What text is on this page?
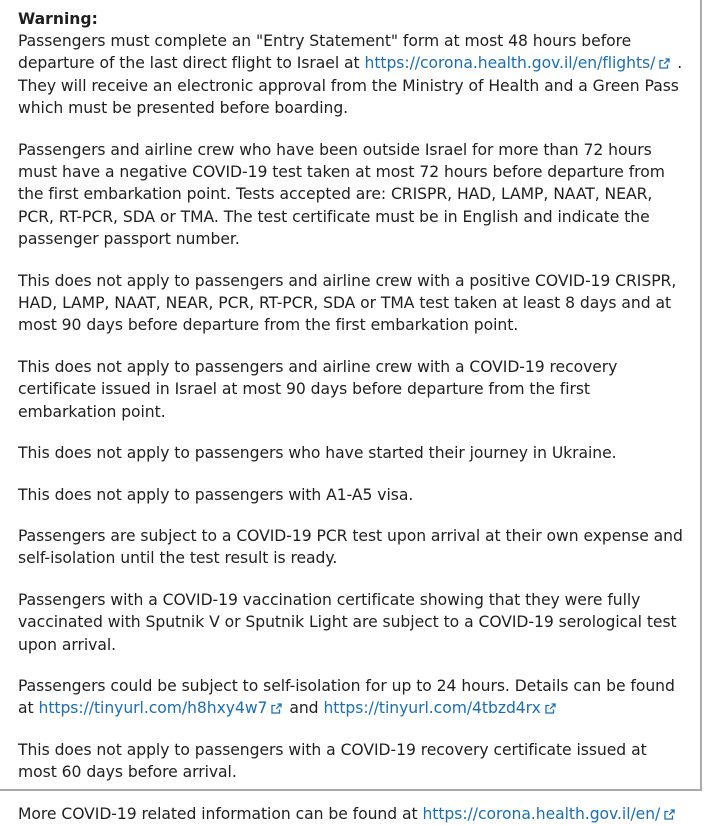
Warning:

Passengers must complete an "Entry Statement" form at most 48 hours before departure of the last direct flight to Israel at https://corona.health.gov.il/en/flights/
. They will receive an electronic approval from the Ministry of Health and a Green Pass which must be presented before boarding.

Passengers and airline crew who have been outside Israel for more than 72 hours must have a negative COVID-19 test taken at most 72 hours before departure from the first embarkation point. Tests accepted are: CRISPR, HAD, LAMP, NAAT, NEAR, PCR, RT-PCR, SDA or TMA. The test certificate must be in English and indicate the passenger passport number.

This does not apply to passengers and airline crew with a positive COVID-19 CRISPR, HAD, LAMP, NAAT, NEAR, PCR, RT-PCR, SDA or TMA test taken at least 8 days and at most 90 days before departure from the first embarkation point.

This does not apply to passengers and airline crew with a COVID-19 recovery certificate issued in Israel at most 90 days before departure from the first embarkation point.

This does not apply to passengers who have started their journey in Ukraine.

This does not apply to passengers with A1-A5 visa.

Passengers are subject to a COVID-19 PCR test upon arrival at their own expense and self-isolation until the test result is ready.

Passengers with a COVID-19 vaccination certificate showing that they were fully vaccinated with Sputnik V or Sputnik Light are subject to a COVID-19 serological test upon arrival.

Passengers could be subject to self-isolation for up to 24 hours. Details can be found at https://tinyurl.com/h8hxy4w7
and https://tinyurl.com/4tbzd4rx

This does not apply to passengers with a COVID-19 recovery certificate issued at most 60 days before arrival.

More COVID-19 related information can be found at https://corona.health.gov.il/en/
